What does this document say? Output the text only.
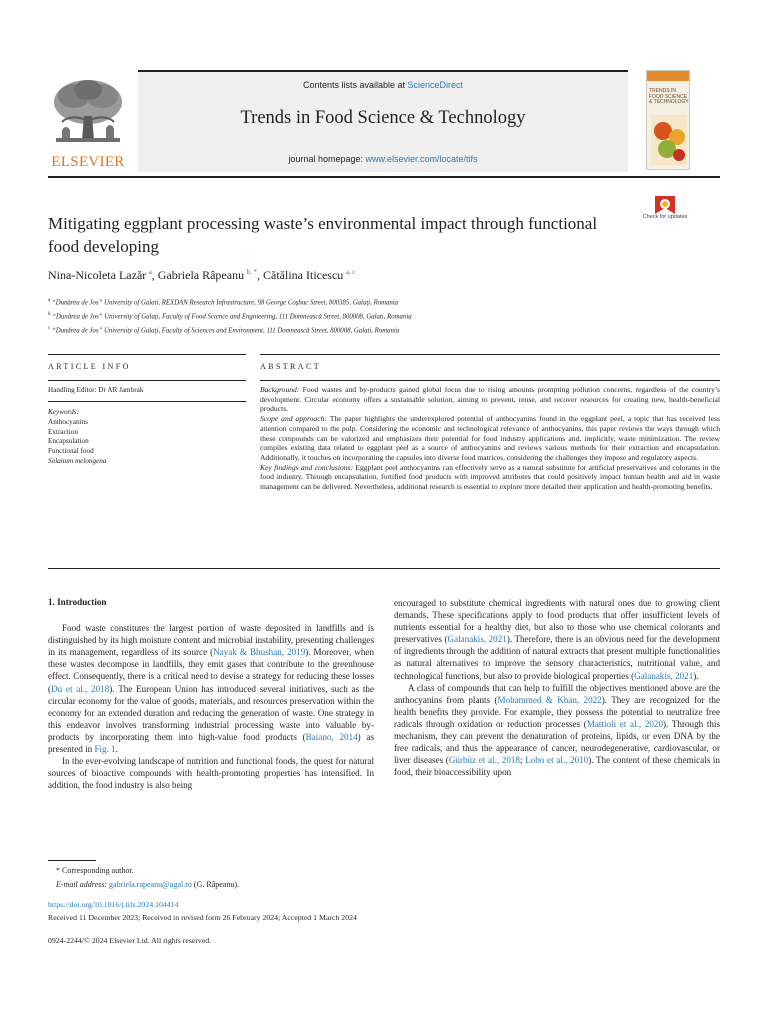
ELSEVIER
Contents lists available at ScienceDirect
Trends in Food Science & Technology
journal homepage: www.elsevier.com/locate/tifs
TRENDS IN FOOD SCIENCE & TECHNOLOGY
Mitigating eggplant processing waste’s environmental impact through functional food developing
Check for updates
Nina-Nicoleta Lazăr  $^a$, Gabriela Râpeanu  $^{b, *}$, Cătălina Iticescu  $^{a, c}$
$^a$ “Dunărea de Jos” University of Galati, REXDAN Research Infrastructure, 98 George Coşbuc Street, 800385, Galați, Romania
$^b$ “Dunărea de Jos” University of Galați, Faculty of Food Science and Engineering, 111 Domnească Street, 800008, Galati, Romania
$^c$ “Dunărea de Jos” University of Galați, Faculty of Sciences and Environment, 111 Domnească Street, 800008, Galati, Romania
ARTICLE INFO	ABSTRACT
Handling Editor: Dr AR Jambrak
Keywords:
Anthocyanins
Extraction
Encapsulation
Functional food
Solanum melongena

Background: Food wastes and by-products gained global focus due to rising amounts prompting pollution concerns, regardless of the country’s development. Circular economy offers a sustainable solution, aiming to prevent, reuse, and recover resources for creating new, health-beneficial products.

Scope and approach: The paper highlights the underexplored potential of anthocyanins found in the eggplant peel, a topic that has received less attention compared to the pulp. Considering the economic and technological relevance of anthocyanins, this paper reviews the ways through which these compounds can be valorized and emphasizes their potential for food industry applications and, implicitly, waste minimization. The review compiles existing data related to eggplant peel as a source of anthocyanins and reviews various methods for their extraction and encapsulation. Additionally, it touches on incorporating the capsules into diverse food matrices, considering the challenges they impose and regulatory aspects.

Key findings and conclusions: Eggplant peel anthocyanins can effectively serve as a natural substitute for artificial preservatives and colorants in the food industry. Through encapsulation, fortified food products with improved attributes that could positively impact human health and aid in waste management can be delivered. Nevertheless, additional research is essential to explore more detailed their application and health-promoting benefits.

1. Introduction

Food waste constitutes the largest portion of waste deposited in landfills and is distinguished by its high moisture content and microbial instability, presenting challenges in its management, regardless of its source (Nayak & Bhushan, 2019). Moreover, when these wastes decompose in landfills, they emit gases that contribute to the greenhouse effect. Consequently, there is a critical need to devise a strategy for reducing these losses (Du et al., 2018). The European Union has introduced several initiatives, such as the circular economy for the value of goods, materials, and resources preservation within the economy for an extended duration and reducing the generation of waste. One strategy in this endeavor involves transforming industrial processing waste into valuable by-products by incorporating them into high-value food products (Baiano, 2014) as presented in Fig. 1.

In the ever-evolving landscape of nutrition and functional foods, the quest for natural sources of bioactive compounds with health-promoting properties has intensified. In addition, the food industry is also being

encouraged to substitute chemical ingredients with natural ones due to growing client demands. These specifications apply to food products that offer insufficient levels of nutrients essential for a healthy diet, but also to those who use chemical colorants and preservatives (Galanakis, 2021). Therefore, there is an obvious need for the development of ingredients through the addition of natural extracts that present multiple functionalities as natural alternatives to improve the sensory characteristics, nutritional value, and technological functions, but also to provide biological properties (Galanakis, 2021).

A class of compounds that can help to fulfill the objectives mentioned above are the anthocyanins from plants (Mohammed & Khan, 2022). They are recognized for the health benefits they provide. For example, they possess the potential to neutralize free radicals through oxidation or reduction processes (Mattioli et al., 2020). Through this mechanism, they can prevent the denaturation of proteins, lipids, or even DNA by the free radicals, and thus the appearance of cancer, neurodegenerative, cardiovascular, or liver diseases (Gürbüz et al., 2018; Lobo et al., 2010). The content of these chemicals in food, their bioaccessibility upon

* Corresponding author.
E-mail address: gabriela.rapeanu@ugal.ro (G. Râpeanu).
https://doi.org/10.1016/j.tifs.2024.104414
Received 11 December 2023; Received in revised form 26 February 2024; Accepted 1 March 2024
0924-2244/© 2024 Elsevier Ltd. All rights reserved.
